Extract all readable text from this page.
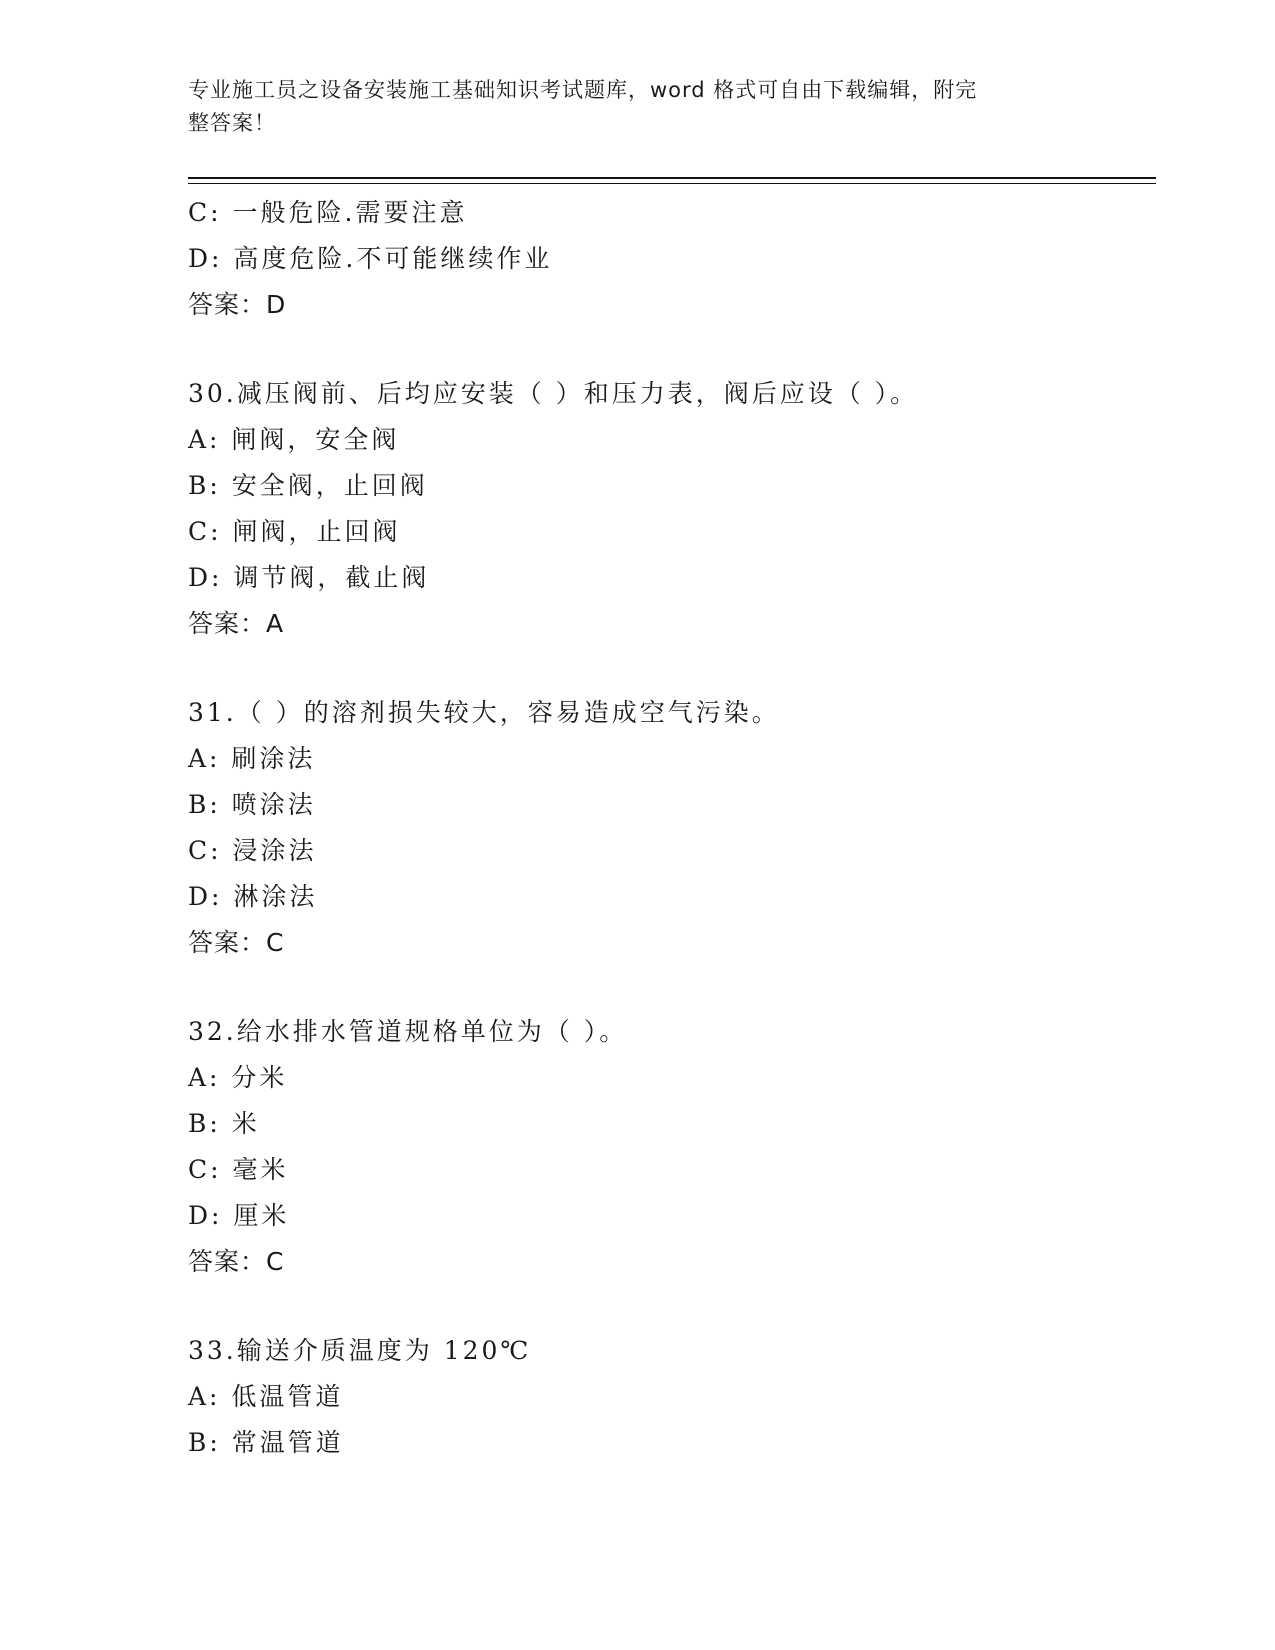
专业施工员之设备安装施工基础知识考试题库，word 格式可自由下载编辑，附完
整答案！
C: 一般危险.需要注意
D: 高度危险.不可能继续作业
答案：D
30.减压阀前、后均应安装（ ）和压力表，阀后应设（ ）。
A: 闸阀，安全阀
B: 安全阀，止回阀
C: 闸阀，止回阀
D: 调节阀，截止阀
答案：A
31.（ ）的溶剂损失较大，容易造成空气污染。
A: 刷涂法
B: 喷涂法
C: 浸涂法
D: 淋涂法
答案：C
32.给水排水管道规格单位为（ ）。
A: 分米
B: 米
C: 毫米
D: 厘米
答案：C
33.输送介质温度为 120℃
A: 低温管道
B: 常温管道
